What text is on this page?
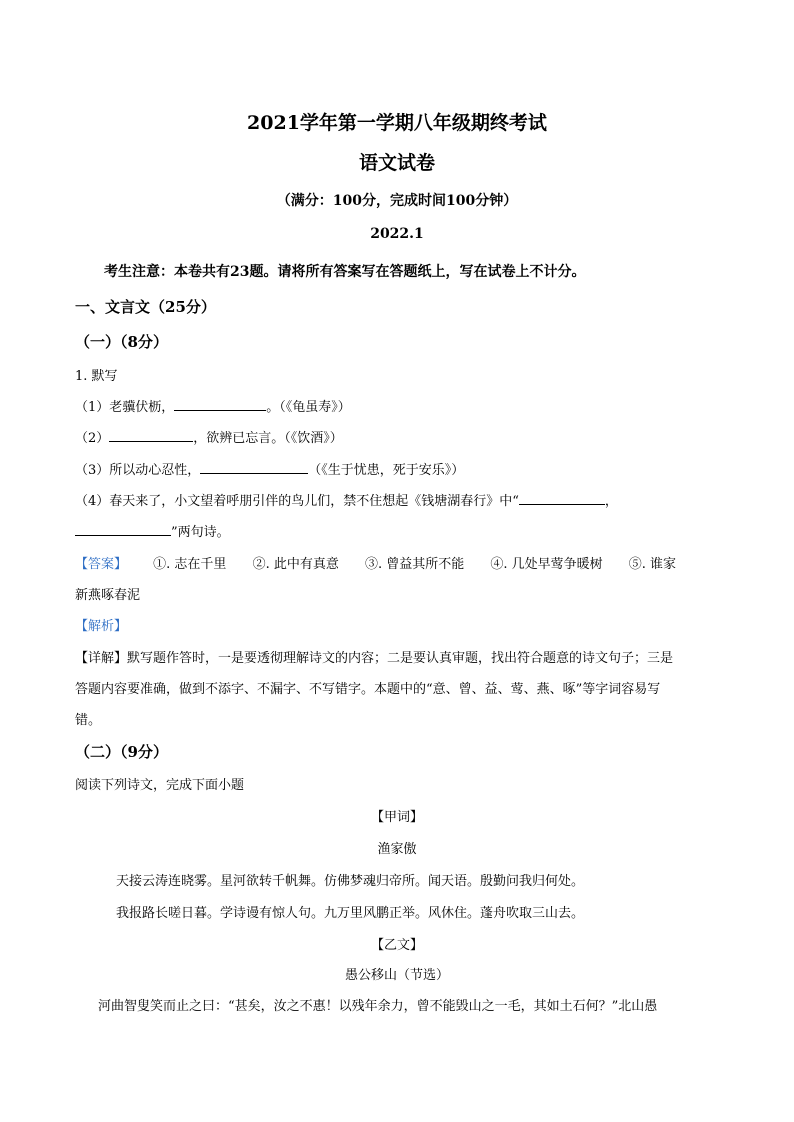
2021学年第一学期八年级期终考试
语文试卷
（满分：100分，完成时间100分钟）
2022.1
考生注意：本卷共有23题。请将所有答案写在答题纸上，写在试卷上不计分。
一、文言文（25分）
（一）（8分）
1. 默写
（1）老骥伏枥，	。（《龟虽寿》）
（2）	，欲辨已忘言。（《饮酒》）
（3）所以动心忍性，	（《生于忧患，死于安乐》）
（4）春天来了，小文望着呼朋引伴的鸟儿们，禁不住想起《钱塘湖春行》中“	，
”两句诗。
【答案】 ①. 志在千里 ②. 此中有真意 ③. 曾益其所不能 ④. 几处早莺争暖树 ⑤. 谁家
新燕啄春泥
【解析】
【详解】默写题作答时，一是要透彻理解诗文的内容；二是要认真审题，找出符合题意的诗文句子；三是
答题内容要准确，做到不添字、不漏字、不写错字。本题中的“意、曾、益、莺、燕、啄”等字词容易写
错。
（二）（9分）
阅读下列诗文，完成下面小题
【甲词】
渔家傲
天接云涛连晓雾。星河欲转千帆舞。仿佛梦魂归帝所。闻天语。殷勤问我归何处。
我报路长嗟日暮。学诗谩有惊人句。九万里风鹏正举。风休住。蓬舟吹取三山去。
【乙文】
愚公移山（节选）
河曲智叟笑而止之曰：“甚矣，汝之不惠！以残年余力，曾不能毁山之一毛，其如土石何？”北山愚
